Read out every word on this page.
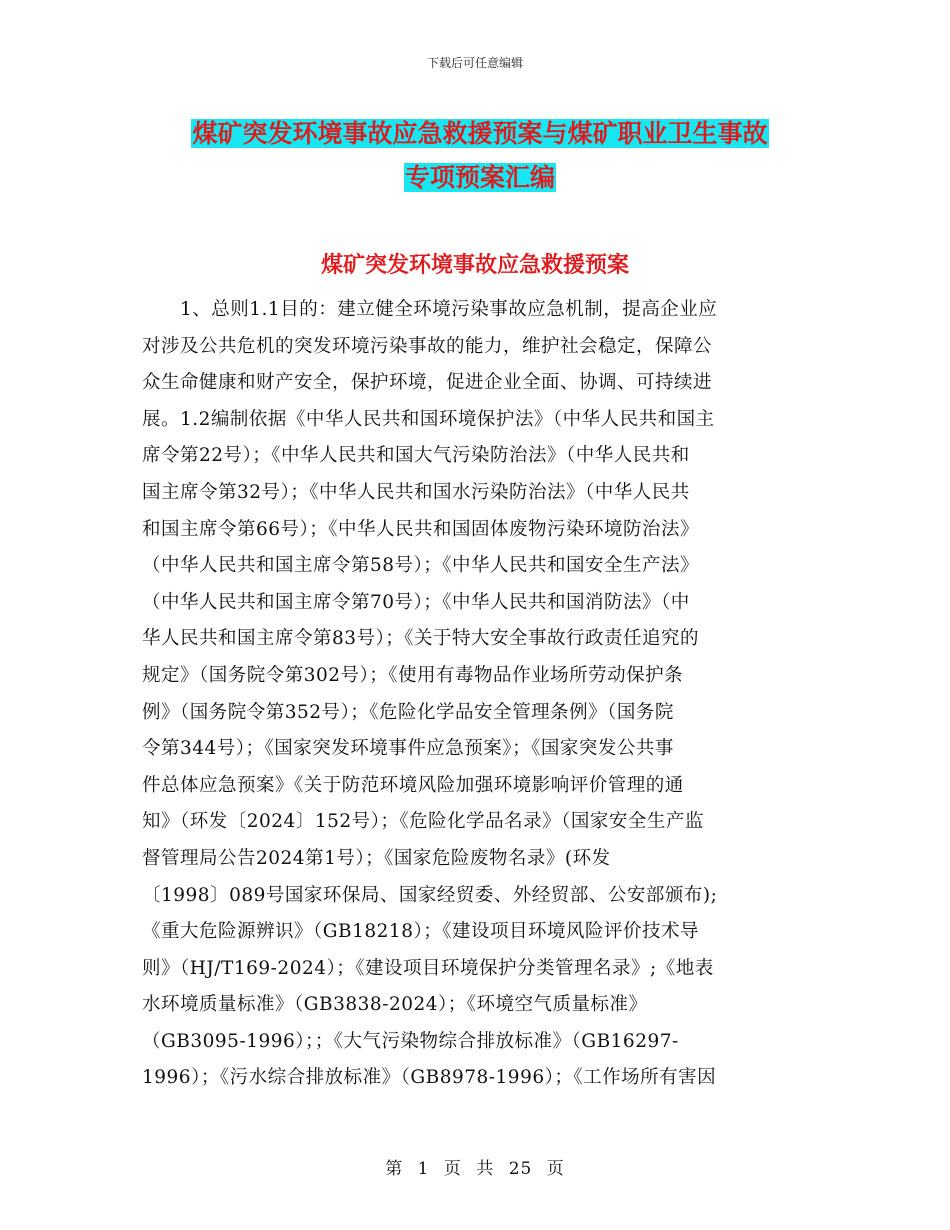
下载后可任意编辑
煤矿突发环境事故应急救援预案与煤矿职业卫生事故
专项预案汇编
煤矿突发环境事故应急救援预案
　　1、总则1.1目的：建立健全环境污染事故应急机制，提高企业应
对涉及公共危机的突发环境污染事故的能力，维护社会稳定，保障公
众生命健康和财产安全，保护环境，促进企业全面、协调、可持续进
展。1.2编制依据《中华人民共和国环境保护法》（中华人民共和国主
席令第22号）；《中华人民共和国大气污染防治法》（中华人民共和
国主席令第32号）；《中华人民共和国水污染防治法》（中华人民共
和国主席令第66号）；《中华人民共和国固体废物污染环境防治法》
（中华人民共和国主席令第58号）；《中华人民共和国安全生产法》
（中华人民共和国主席令第70号）；《中华人民共和国消防法》（中
华人民共和国主席令第83号）；《关于特大安全事故行政责任追究的
规定》（国务院令第302号）；《使用有毒物品作业场所劳动保护条
例》（国务院令第352号）；《危险化学品安全管理条例》（国务院
令第344号）；《国家突发环境事件应急预案》；《国家突发公共事
件总体应急预案》《关于防范环境风险加强环境影响评价管理的通
知》（环发〔2024〕152号）；《危险化学品名录》（国家安全生产监
督管理局公告2024第1号）；《国家危险废物名录》(环发
〔1998〕089号国家环保局、国家经贸委、外经贸部、公安部颁布);
《重大危险源辨识》（GB18218）；《建设项目环境风险评价技术导
则》（HJ/T169-2024）；《建设项目环境保护分类管理名录》;《地表
水环境质量标准》（GB3838-2024）；《环境空气质量标准》
（GB3095-1996）；；《大气污染物综合排放标准》（GB16297-
1996）；《污水综合排放标准》（GB8978-1996）；《工作场所有害因
第 1 页 共 25 页
